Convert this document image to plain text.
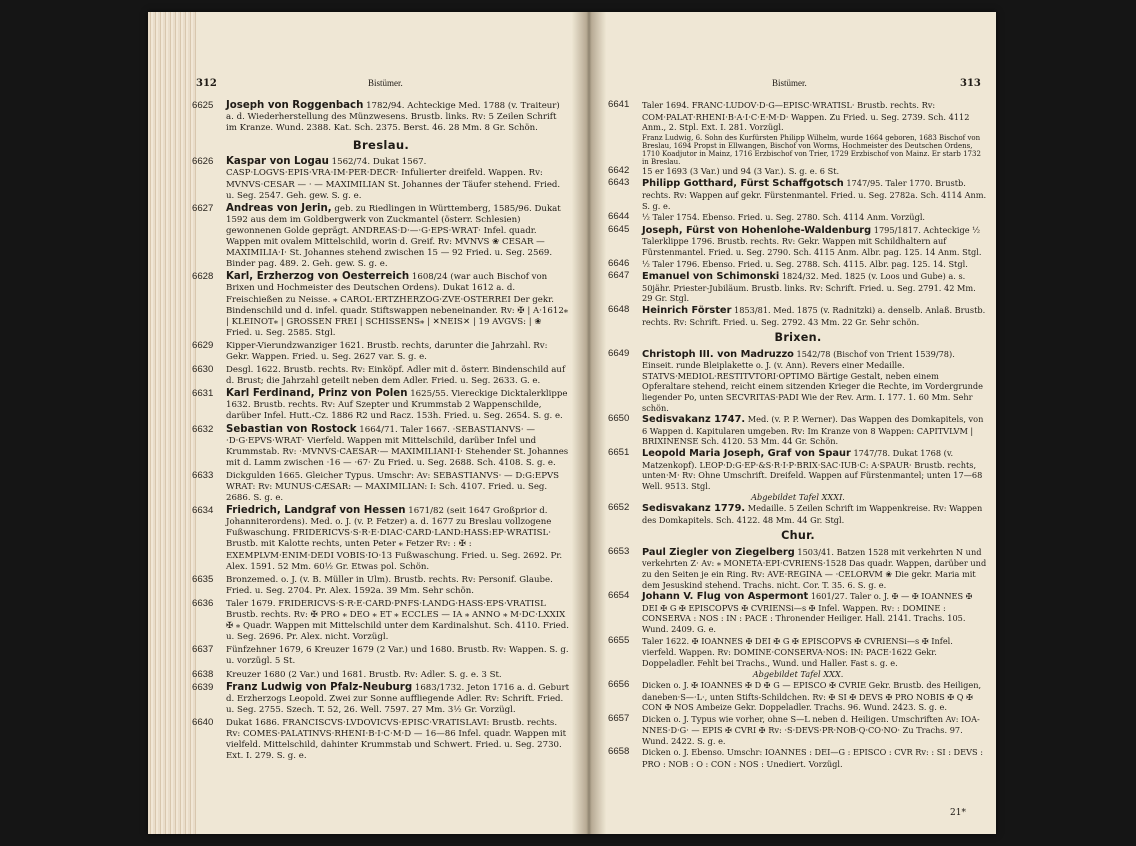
312	Bistümer.	Bistümer.	313
6625 Joseph von Roggenbach 1782/94. Achteckige Med. 1788 (v. Traiteur) a. d. Wiederherstellung des Münzwesens. Brustb. links. Rv: 5 Zeilen Schrift im Kranze. Wund. 2388. Kat. Sch. 2375. Berst. 46. 28 Mm. 8 Gr. Schön.
Breslau.
6626 Kaspar von Logau 1562/74. Dukat 1567. CASP·LOGVS·EPIS·VRA·IM·PER·DECR· Infulierter dreifeld. Wappen. Rv: MVNVS·CESAR — · — MAXIMILIAN St. Johannes der Täufer stehend. Fried. u. Seg. 2547. Geh. gew. S. g. e.
6627 Andreas von Jerin, geb. zu Riedlingen in Württemberg, 1585/96. Dukat 1592 aus dem im Goldbergwerk von Zuckmantel (österr. Schlesien) gewonnenen Golde geprägt. ANDREAS·D·—·G·EPS·WRAT· Infel. quadr. Wappen mit ovalem Mittelschild, worin d. Greif. Rv: MVNVS ❀ CESAR — MAXIMILIA·I· St. Johannes stehend zwischen 15 — 92 Fried. u. Seg. 2569. Binder pag. 489. 2. Geh. gew. S. g. e.
6628 Karl, Erzherzog von Oesterreich 1608/24 (war auch Bischof von Brixen und Hochmeister des Deutschen Ordens). Dukat 1612 a. d. Freischießen zu Neisse. ⁎ CAROL·ERTZHERZOG·ZVE·OSTERREI Der gekr. Bindenschild und d. infel. quadr. Stiftswappen nebeneinander. Rv: ✠ | A·1612⁎ | KLEINOT⁎ | GROSSEN FREI | SCHISSENS⁎ | ✕NEIS✕ | 19 AVGVS: | ❀ Fried. u. Seg. 2585. Stgl.
6629 Kipper-Vierundzwanziger 1621. Brustb. rechts, darunter die Jahrzahl. Rv: Gekr. Wappen. Fried. u. Seg. 2627 var. S. g. e.
6630 Desgl. 1622. Brustb. rechts. Rv: Einköpf. Adler mit d. österr. Bindenschild auf d. Brust; die Jahrzahl geteilt neben dem Adler. Fried. u. Seg. 2633. G. e.
6631 Karl Ferdinand, Prinz von Polen 1625/55. Viereckige Dicktalerklippe 1632. Brustb. rechts. Rv: Auf Szepter und Krummstab 2 Wappenschilde, darüber Infel. Hutt.-Cz. 1886 R2 und Racz. 153h. Fried. u. Seg. 2654. S. g. e.
6632 Sebastian von Rostock 1664/71. Taler 1667. ·SEBASTIANVS· — ·D·G·EPVS·WRAT· Vierfeld. Wappen mit Mittelschild, darüber Infel und Krummstab. Rv: ·MVNVS·CAESAR·— MAXIMILIANI·I· Stehender St. Johannes mit d. Lamm zwischen ·16 — ·67· Zu Fried. u. Seg. 2688. Sch. 4108. S. g. e.
6633 Dickgulden 1665. Gleicher Typus. Umschr: Av: SEBASTIANVS· — D:G:EPVS WRAT: Rv: MUNUS·CÆSAR: — MAXIMILIAN: I: Sch. 4107. Fried. u. Seg. 2686. S. g. e.
6634 Friedrich, Landgraf von Hessen 1671/82 (seit 1647 Großprior d. Johanniterordens). Med. o. J. (v. P. Fetzer) a. d. 1677 zu Breslau vollzogene Fußwaschung. FRIDERICVS·S·R·E·DIAC·CARD·LAND:HASS:EP·WRATISL· Brustb. mit Kalotte rechts, unten Peter ⁎ Fetzer Rv: : ✠ : EXEMPLVM·ENIM·DEDI VOBIS·IO·13 Fußwaschung. Fried. u. Seg. 2692. Pr. Alex. 1591. 52 Mm. 60½ Gr. Etwas pol. Schön.
6635 Bronzemed. o. J. (v. B. Müller in Ulm). Brustb. rechts. Rv: Personif. Glaube. Fried. u. Seg. 2704. Pr. Alex. 1592a. 39 Mm. Sehr schön.
6636 Taler 1679. FRIDERICVS·S·R·E·CARD·PNFS·LANDG·HASS·EPS·VRATISL Brustb. rechts. Rv: ✠ PRO ⁎ DEO ⁎ ET ⁎ ECCLES — IA ⁎ ANNO ⁎ M·DC·LXXIX ✠ ⁎ Quadr. Wappen mit Mittelschild unter dem Kardinalshut. Sch. 4110. Fried. u. Seg. 2696. Pr. Alex. nicht. Vorzügl.
6637 Fünfzehner 1679, 6 Kreuzer 1679 (2 Var.) und 1680. Brustb. Rv: Wappen. S. g. u. vorzügl. 5 St.
6638 Kreuzer 1680 (2 Var.) und 1681. Brustb. Rv: Adler. S. g. e. 3 St.
6639 Franz Ludwig von Pfalz-Neuburg 1683/1732. Jeton 1716 a. d. Geburt d. Erzherzogs Leopold. Zwei zur Sonne auffliegende Adler. Rv: Schrift. Fried. u. Seg. 2755. Szech. T. 52, 26. Well. 7597. 27 Mm. 3½ Gr. Vorzügl.
6640 Dukat 1686. FRANCISCVS·LVDOVICVS·EPISC·VRATISLAVI: Brustb. rechts. Rv: COMES·PALATINVS·RHENI·B·I·C·M·D — 16—86 Infel. quadr. Wappen mit vielfeld. Mittelschild, dahinter Krummstab und Schwert. Fried. u. Seg. 2730. Ext. I. 279. S. g. e.
6641 Taler 1694. FRANC·LUDOV·D·G—EPISC·WRATISL· Brustb. rechts. Rv: COM·PALAT·RHENI·B·A·I·C·E·M·D· Wappen. Zu Fried. u. Seg. 2739. Sch. 4112 Anm., 2. Stpl. Ext. I. 281. Vorzügl.
Franz Ludwig, 6. Sohn des Kurfürsten Philipp Wilhelm, wurde 1664 geboren, 1683 Bischof von Breslau, 1694 Propst in Ellwangen, Bischof von Worms, Hochmeister des Deutschen Ordens, 1710 Koadjutor in Mainz, 1716 Erzbischof von Trier, 1729 Erzbischof von Mainz. Er starb 1732 in Breslau.
6642 15 er 1693 (3 Var.) und 94 (3 Var.). S. g. e. 6 St.
6643 Philipp Gotthard, Fürst Schaffgotsch 1747/95. Taler 1770. Brustb. rechts. Rv: Wappen auf gekr. Fürstenmantel. Fried. u. Seg. 2782a. Sch. 4114 Anm. S. g. e.
6644 ½ Taler 1754. Ebenso. Fried. u. Seg. 2780. Sch. 4114 Anm. Vorzügl.
6645 Joseph, Fürst von Hohenlohe-Waldenburg 1795/1817. Achteckige ½ Talerklippe 1796. Brustb. rechts. Rv: Gekr. Wappen mit Schildhaltern auf Fürstenmantel. Fried. u. Seg. 2790. Sch. 4115 Anm. Albr. pag. 125. 14 Anm. Stgl.
6646 ½ Taler 1796. Ebenso. Fried. u. Seg. 2788. Sch. 4115. Albr. pag. 125. 14. Stgl.
6647 Emanuel von Schimonski 1824/32. Med. 1825 (v. Loos und Gube) a. s. 50jähr. Priester-Jubiläum. Brustb. links. Rv: Schrift. Fried. u. Seg. 2791. 42 Mm. 29 Gr. Stgl.
6648 Heinrich Förster 1853/81. Med. 1875 (v. Radnitzki) a. denselb. Anlaß. Brustb. rechts. Rv: Schrift. Fried. u. Seg. 2792. 43 Mm. 22 Gr. Sehr schön.
Brixen.
6649 Christoph III. von Madruzzo 1542/78 (Bischof von Trient 1539/78). Einseit. runde Bleiplakette o. J. (v. Ann). Revers einer Medaille. STATVS·MEDIOL·RESTITVTORI·OPTIMO Bärtige Gestalt, neben einem Opferaltare stehend, reicht einem sitzenden Krieger die Rechte, im Vordergrunde liegender Po, unten SECVRITAS·PADI Wie der Rev. Arm. I. 177. 1. 60 Mm. Sehr schön.
6650 Sedisvakanz 1747. Med. (v. P. P. Werner). Das Wappen des Domkapitels, von 6 Wappen d. Kapitularen umgeben. Rv: Im Kranze von 8 Wappen: CAPITVLVM | BRIXINENSE Sch. 4120. 53 Mm. 44 Gr. Schön.
6651 Leopold Maria Joseph, Graf von Spaur 1747/78. Dukat 1768 (v. Matzenkopf). LEOP·D:G·EP·&S·R·I·P·BRIX·SAC·IUB·C: A·SPAUR· Brustb. rechts, unten·M· Rv: Ohne Umschrift. Dreifeld. Wappen auf Fürstenmantel; unten 17—68 Well. 9513. Stgl.
Abgebildet Tafel XXXI.
6652 Sedisvakanz 1779. Medaille. 5 Zeilen Schrift im Wappenkreise. Rv: Wappen des Domkapitels. Sch. 4122. 48 Mm. 44 Gr. Stgl.
Chur.
6653 Paul Ziegler von Ziegelberg 1503/41. Batzen 1528 mit verkehrten N und verkehrten Z· Av: ⁎ MONETA·EPI·CVRIENS·1528 Das quadr. Wappen, darüber und zu den Seiten je ein Ring. Rv: AVE·REGINA — ·CELORVM ❀ Die gekr. Maria mit dem Jesuskind stehend. Trachs. nicht. Cor. T. 35. 6. S. g. e.
6654 Johann V. Flug von Aspermont 1601/27. Taler o. J. ✠ — ✠ IOANNES ✠ DEI ✠ G ✠ EPISCOPVS ✠ CVRIENSi—s ✠ Infel. Wappen. Rv: : DOMINE : CONSERVA : NOS : IN : PACE : Thronender Heiliger. Hall. 2141. Trachs. 105. Wund. 2409. G. e.
6655 Taler 1622. ✠ IOANNES ✠ DEI ✠ G ✠ EPISCOPVS ✠ CVRIENSi—s ✠ Infel. vierfeld. Wappen. Rv: DOMINE·CONSERVA·NOS: IN: PACE·1622 Gekr. Doppeladler. Fehlt bei Trachs., Wund. und Haller. Fast s. g. e.
Abgebildet Tafel XXX.
6656 Dicken o. J. ✠ IOANNES ✠ D ✠ G — EPISCO ✠ CVRIE Gekr. Brustb. des Heiligen, daneben·S—·L·, unten Stifts-Schildchen. Rv: ✠ SI ✠ DEVS ✠ PRO NOBIS ✠ Q ✠ CON ✠ NOS Ambeize Gekr. Doppeladler. Trachs. 96. Wund. 2423. S. g. e.
6657 Dicken o. J. Typus wie vorher, ohne S—L neben d. Heiligen. Umschriften Av: IOA-NNES·D·G· — EPIS ✠ CVRI ✠ Rv: ·S·DEVS·PR·NOB·Q·CO·NO· Zu Trachs. 97. Wund. 2422. S. g. e.
6658 Dicken o. J. Ebenso. Umschr: IOANNES : DEI—G : EPISCO : CVR Rv: : SI : DEVS : PRO : NOB : O : CON : NOS : Unediert. Vorzügl.
21*
